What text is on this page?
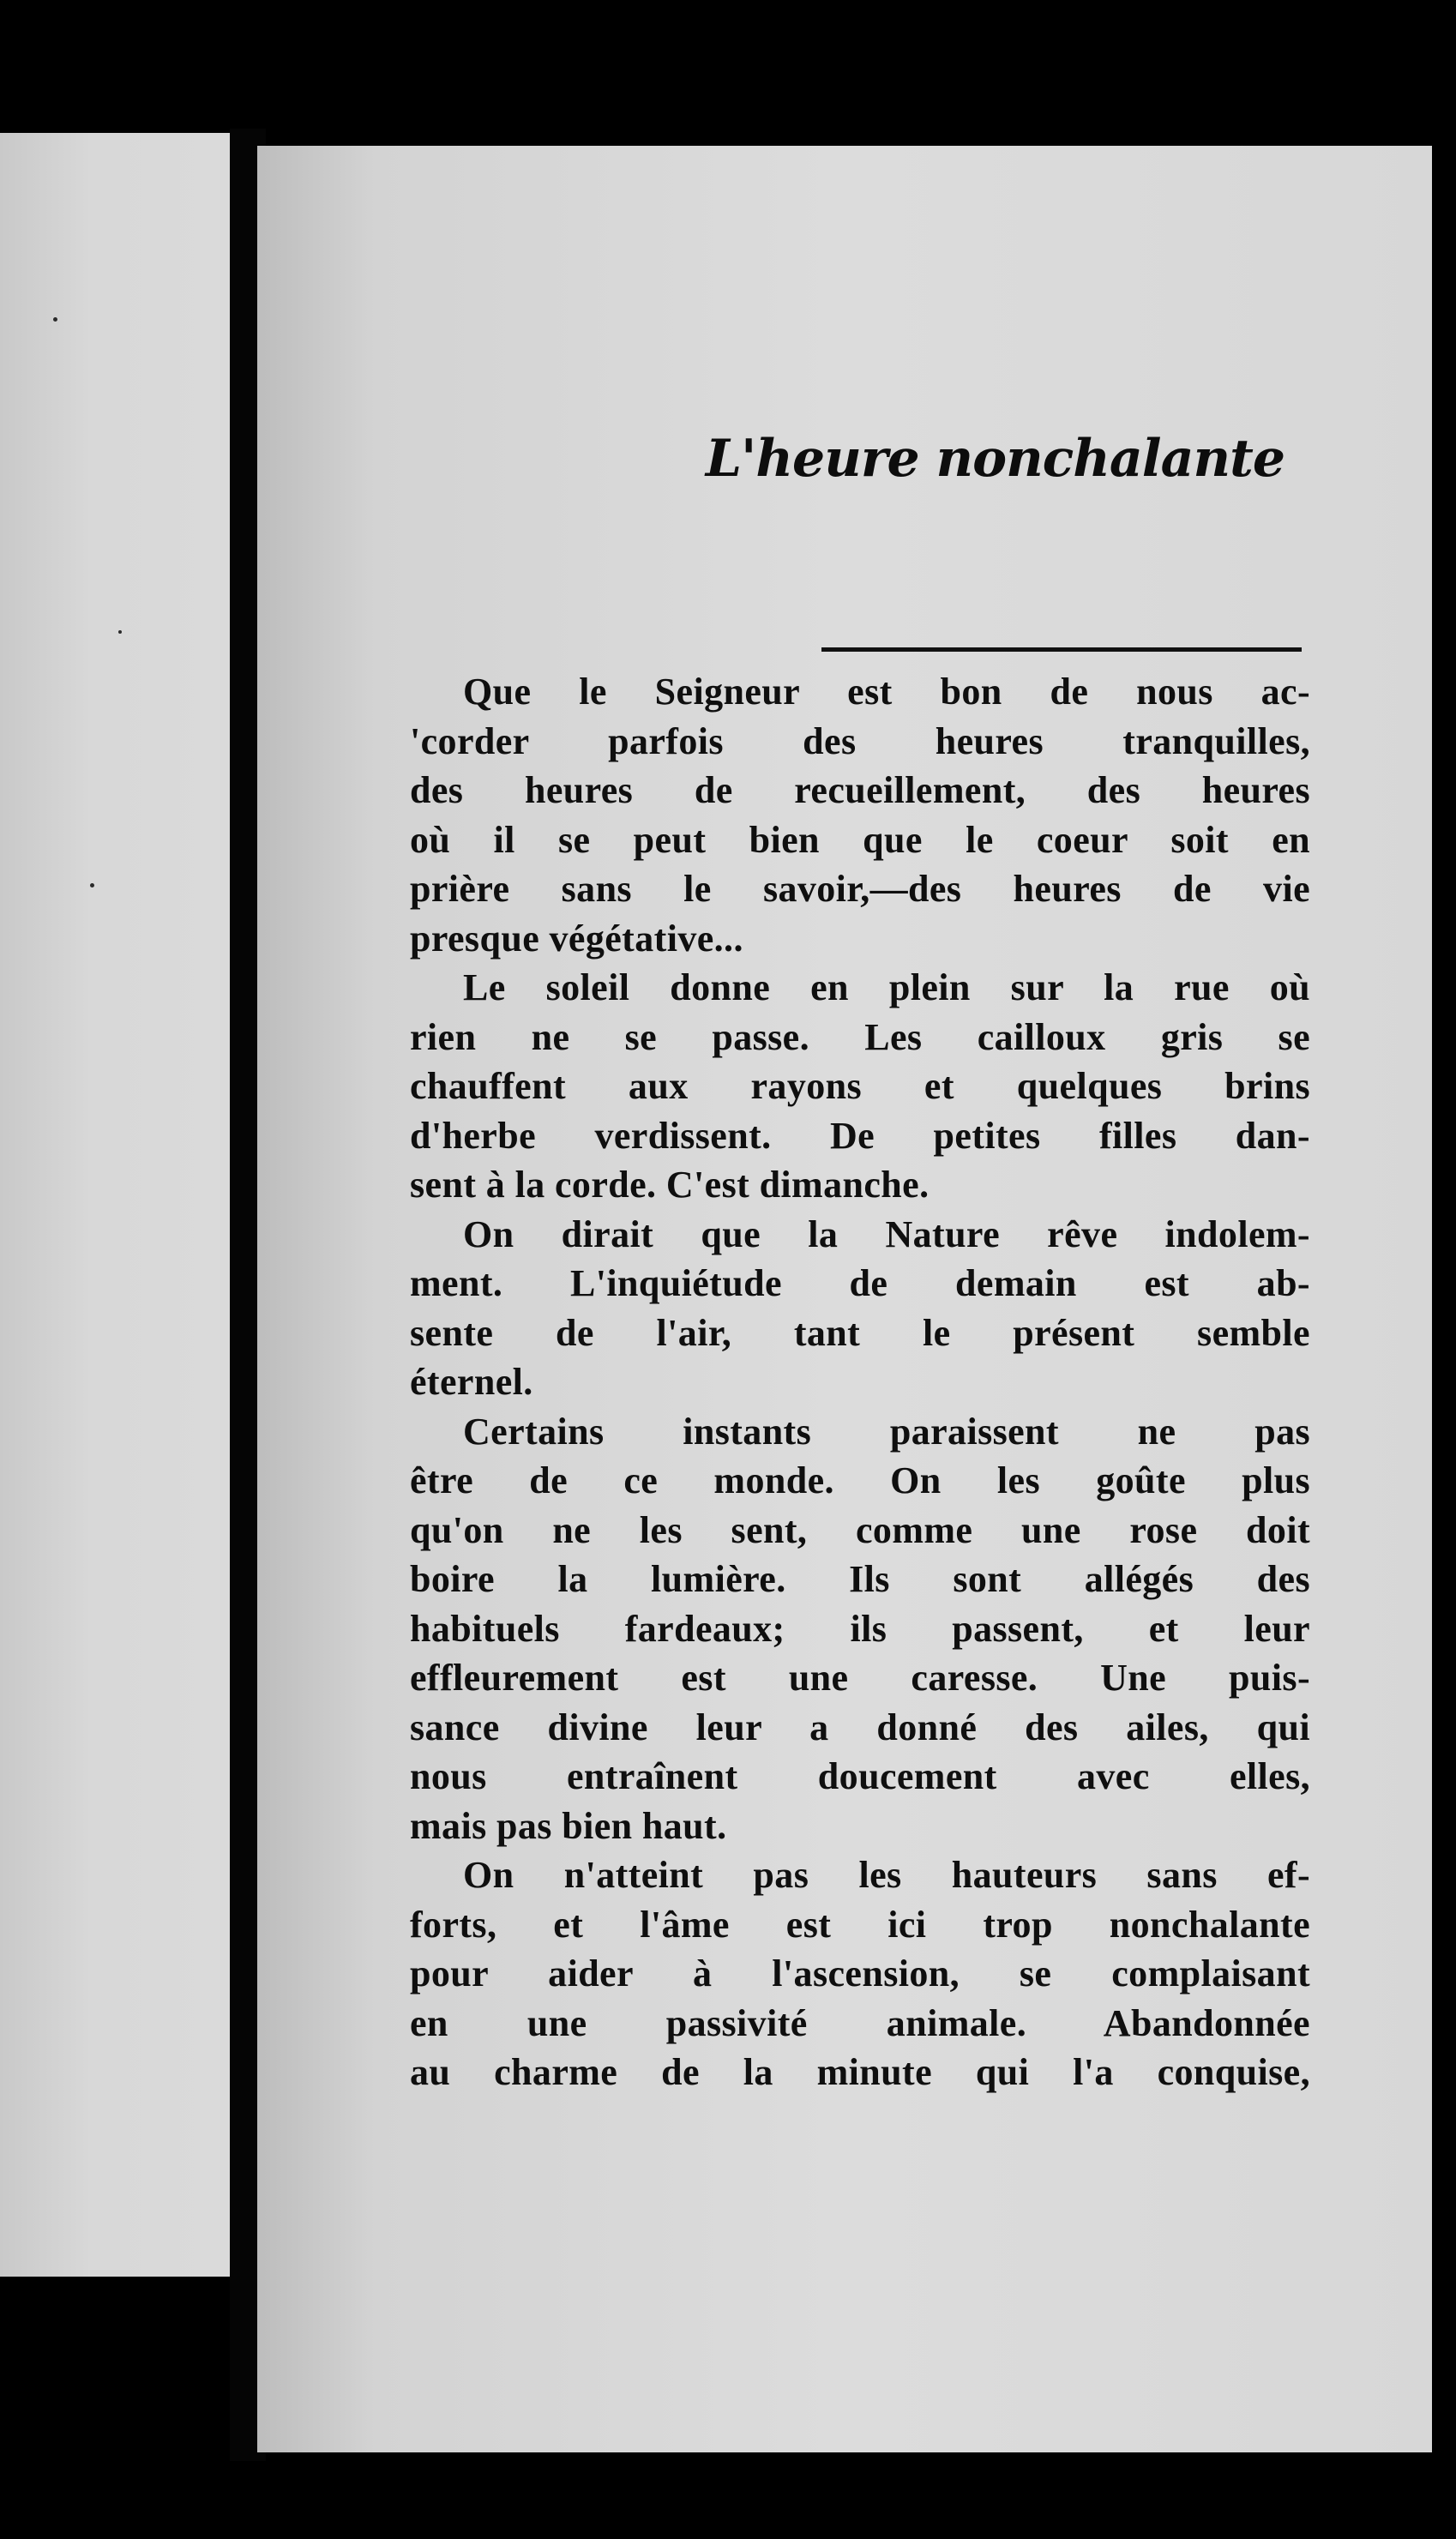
L'heure nonchalante

Que le Seigneur est bon de nous ac-
'corder parfois des heures tranquilles,
des heures de recueillement, des heures
où il se peut bien que le coeur soit en
prière sans le savoir,—des heures de vie
presque végétative...

Le soleil donne en plein sur la rue où
rien ne se passe. Les cailloux gris se
chauffent aux rayons et quelques brins
d'herbe verdissent. De petites filles dan-
sent à la corde. C'est dimanche.

On dirait que la Nature rêve indolem-
ment. L'inquiétude de demain est ab-
sente de l'air, tant le présent semble
éternel.

Certains instants paraissent ne pas
être de ce monde. On les goûte plus
qu'on ne les sent, comme une rose doit
boire la lumière. Ils sont allégés des
habituels fardeaux; ils passent, et leur
effleurement est une caresse. Une puis-
sance divine leur a donné des ailes, qui
nous entraînent doucement avec elles,
mais pas bien haut.

On n'atteint pas les hauteurs sans ef-
forts, et l'âme est ici trop nonchalante
pour aider à l'ascension, se complaisant
en une passivité animale. Abandonnée
au charme de la minute qui l'a conquise,
